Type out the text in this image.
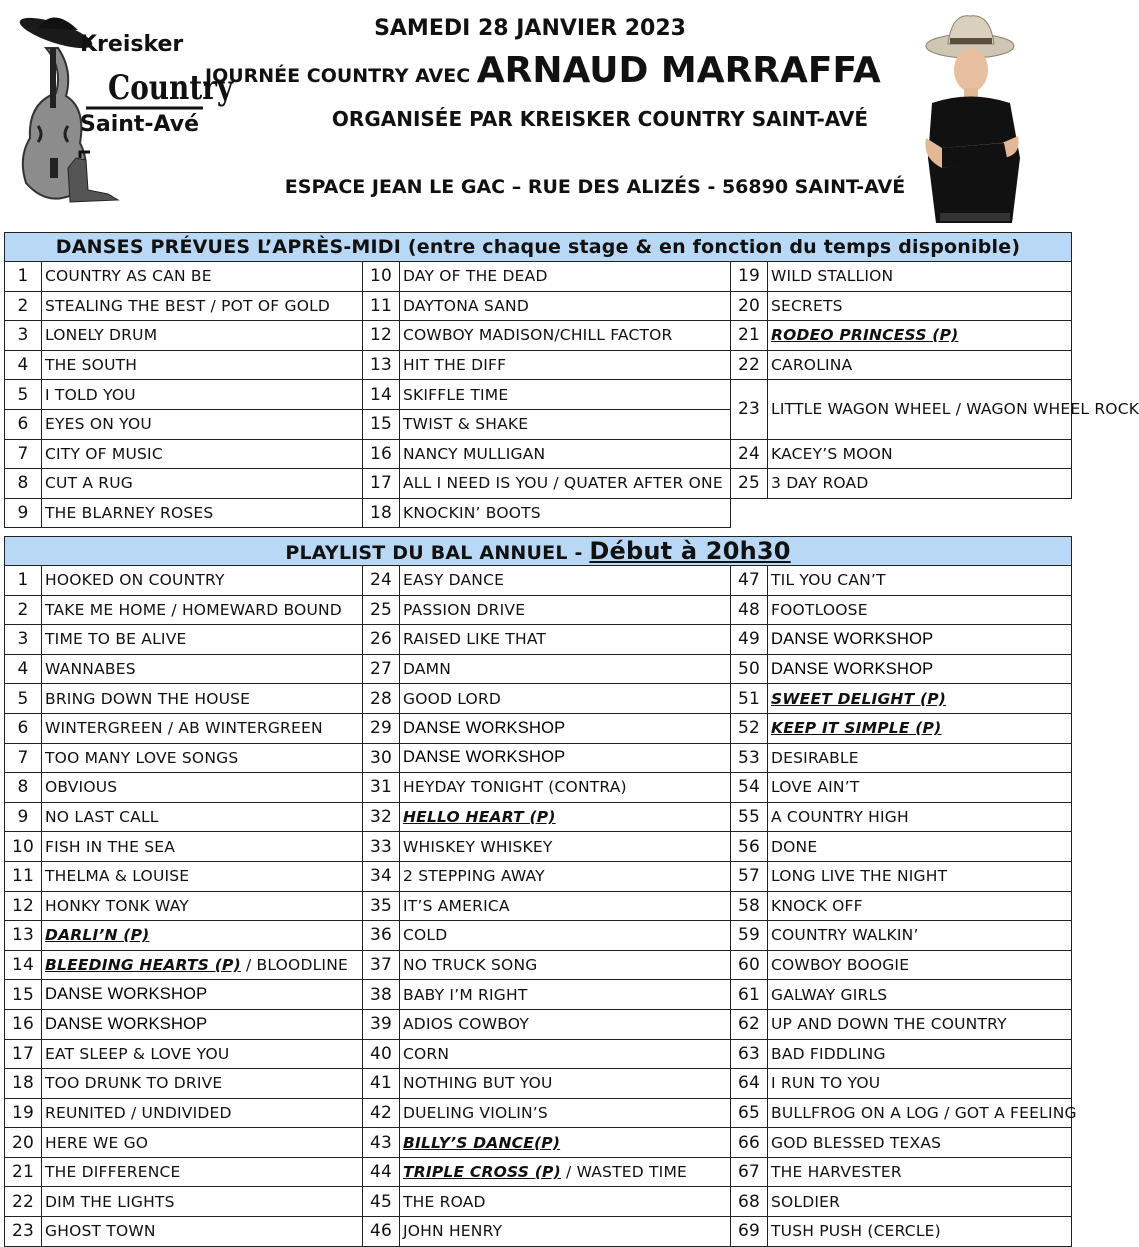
Kreisker
Country
Saint-Avé
SAMEDI 28 JANVIER 2023
JOURNÉE COUNTRY AVEC ARNAUD MARRAFFA
ORGANISÉE PAR KREISKER COUNTRY SAINT-AVÉ
ESPACE JEAN LE GAC – RUE DES ALIZÉS - 56890 SAINT-AVÉ
DANSES PRÉVUES L’APRÈS-MIDI (entre chaque stage & en fonction du temps disponible)					
1	COUNTRY AS CAN BE	10	DAY OF THE DEAD	19	WILD STALLION
2	STEALING THE BEST / POT OF GOLD	11	DAYTONA SAND	20	SECRETS
3	LONELY DRUM	12	COWBOY MADISON/CHILL FACTOR	21	RODEO PRINCESS (P)
4	THE SOUTH	13	HIT THE DIFF	22	CAROLINA
5	I TOLD YOU	14	SKIFFLE TIME	23	LITTLE WAGON WHEEL / WAGON WHEEL ROCK
6	EYES ON YOU	15	TWIST & SHAKE		
7	CITY OF MUSIC	16	NANCY MULLIGAN	24	KACEY’S MOON
8	CUT A RUG	17	ALL I NEED IS YOU / QUATER AFTER ONE	25	3 DAY ROAD
9	THE BLARNEY ROSES	18	KNOCKIN’ BOOTS		
PLAYLIST DU BAL ANNUEL - Début à 20h30					
1	HOOKED ON COUNTRY	24	EASY DANCE	47	TIL YOU CAN’T
2	TAKE ME HOME / HOMEWARD BOUND	25	PASSION DRIVE	48	FOOTLOOSE
3	TIME TO BE ALIVE	26	RAISED LIKE THAT	49	DANSE WORKSHOP
4	WANNABES	27	DAMN	50	DANSE WORKSHOP
5	BRING DOWN THE HOUSE	28	GOOD LORD	51	SWEET DELIGHT (P)
6	WINTERGREEN / AB WINTERGREEN	29	DANSE WORKSHOP	52	KEEP IT SIMPLE (P)
7	TOO MANY LOVE SONGS	30	DANSE WORKSHOP	53	DESIRABLE
8	OBVIOUS	31	HEYDAY TONIGHT (CONTRA)	54	LOVE AIN’T
9	NO LAST CALL	32	HELLO HEART (P)	55	A COUNTRY HIGH
10	FISH IN THE SEA	33	WHISKEY WHISKEY	56	DONE
11	THELMA & LOUISE	34	2 STEPPING AWAY	57	LONG LIVE THE NIGHT
12	HONKY TONK WAY	35	IT’S AMERICA	58	KNOCK OFF
13	DARLI’N (P)	36	COLD	59	COUNTRY WALKIN’
14	BLEEDING HEARTS (P) / BLOODLINE	37	NO TRUCK SONG	60	COWBOY BOOGIE
15	DANSE WORKSHOP	38	BABY I’M RIGHT	61	GALWAY GIRLS
16	DANSE WORKSHOP	39	ADIOS COWBOY	62	UP AND DOWN THE COUNTRY
17	EAT SLEEP & LOVE YOU	40	CORN	63	BAD FIDDLING
18	TOO DRUNK TO DRIVE	41	NOTHING BUT YOU	64	I RUN TO YOU
19	REUNITED / UNDIVIDED	42	DUELING VIOLIN’S	65	BULLFROG ON A LOG / GOT A FEELING
20	HERE WE GO	43	BILLY’S DANCE(P)	66	GOD BLESSED TEXAS
21	THE DIFFERENCE	44	TRIPLE CROSS (P) / WASTED TIME	67	THE HARVESTER
22	DIM THE LIGHTS	45	THE ROAD	68	SOLDIER
23	GHOST TOWN	46	JOHN HENRY	69	TUSH PUSH (CERCLE)
